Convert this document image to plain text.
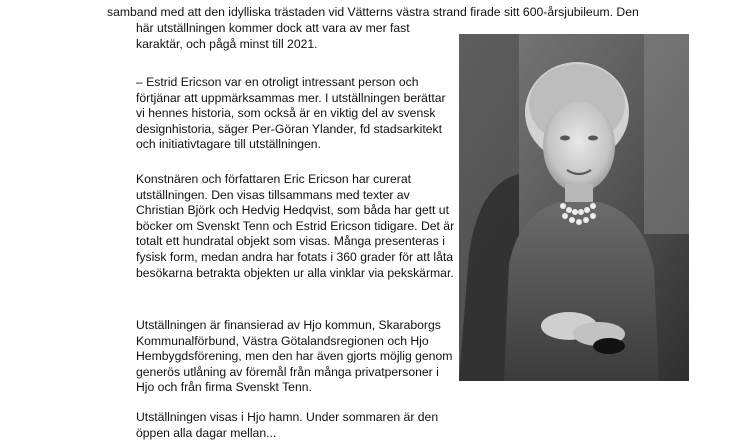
samband med att den idylliska trästaden vid Vätterns västra strand firade sitt 600-årsjubileum. Den

här utställningen kommer dock att vara av mer fast karaktär, och pågå minst till 2021.

– Estrid Ericson var en otroligt intressant person och förtjänar att uppmärksammas mer. I utställningen berättar vi hennes historia, som också är en viktig del av svensk designhistoria, säger Per-Göran Ylander, fd stadsarkitekt och initiativtagare till utställningen.

Konstnären och författaren Eric Ericson har curerat utställningen. Den visas tillsammans med texter av Christian Björk och Hedvig Hedqvist, som båda har gett ut böcker om Svenskt Tenn och Estrid Ericson tidigare. Det är totalt ett hundratal objekt som visas. Många presenteras i fysisk form, medan andra har fotats i 360 grader för att låta besökarna betrakta objekten ur alla vinklar via pekskärmar.

Utställningen är finansierad av Hjo kommun, Skaraborgs Kommunalförbund, Västra Götalandsregionen och Hjo Hembygdsförening, men den har även gjorts möjlig genom generös utlåning av föremål från många privatpersoner i Hjo och från firma Svenskt Tenn.

Utställningen visas i Hjo hamn. Under sommaren är den öppen alla dagar mellan...
